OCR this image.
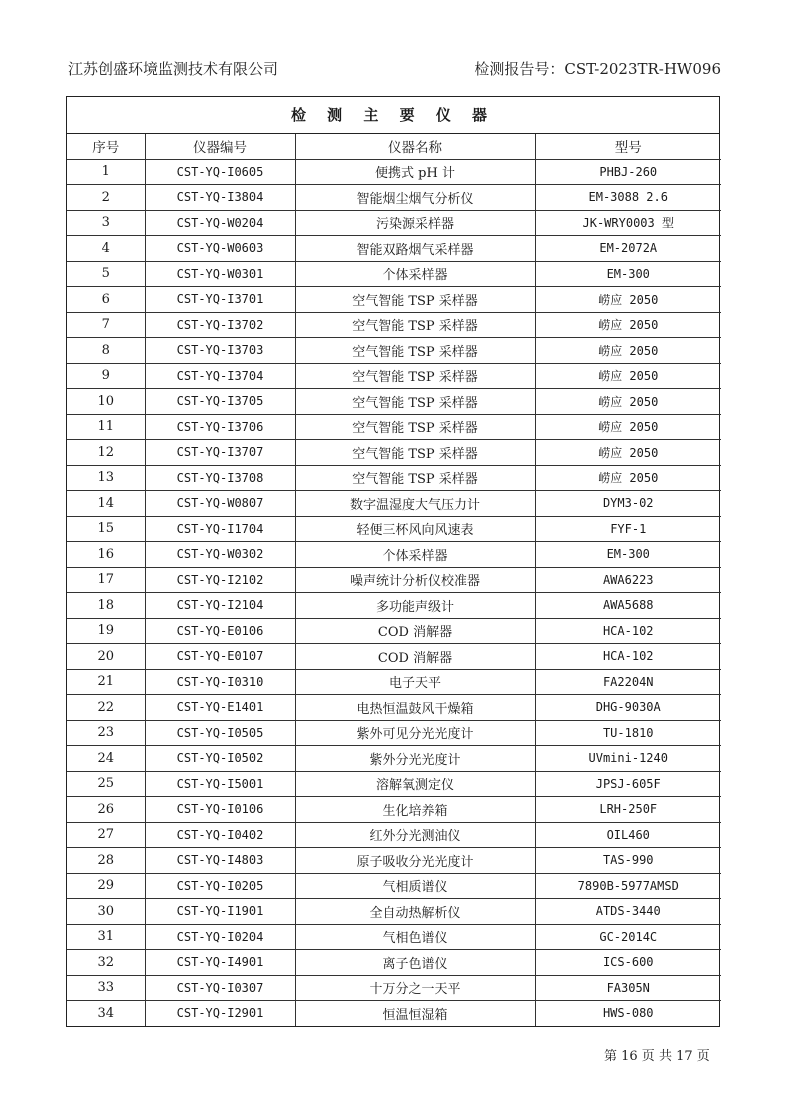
江苏创盛环境监测技术有限公司	检测报告号：CST-2023TR-HW096
检 测 主 要 仪 器
序号	仪器编号	仪器名称	型号
1	CST-YQ-I0605	便携式 pH 计	PHBJ-260
2	CST-YQ-I3804	智能烟尘烟气分析仪	EM-3088 2.6
3	CST-YQ-W0204	污染源采样器	JK-WRY0003 型
4	CST-YQ-W0603	智能双路烟气采样器	EM-2072A
5	CST-YQ-W0301	个体采样器	EM-300
6	CST-YQ-I3701	空气智能 TSP 采样器	崂应 2050
7	CST-YQ-I3702	空气智能 TSP 采样器	崂应 2050
8	CST-YQ-I3703	空气智能 TSP 采样器	崂应 2050
9	CST-YQ-I3704	空气智能 TSP 采样器	崂应 2050
10	CST-YQ-I3705	空气智能 TSP 采样器	崂应 2050
11	CST-YQ-I3706	空气智能 TSP 采样器	崂应 2050
12	CST-YQ-I3707	空气智能 TSP 采样器	崂应 2050
13	CST-YQ-I3708	空气智能 TSP 采样器	崂应 2050
14	CST-YQ-W0807	数字温湿度大气压力计	DYM3-02
15	CST-YQ-I1704	轻便三杯风向风速表	FYF-1
16	CST-YQ-W0302	个体采样器	EM-300
17	CST-YQ-I2102	噪声统计分析仪校准器	AWA6223
18	CST-YQ-I2104	多功能声级计	AWA5688
19	CST-YQ-E0106	COD 消解器	HCA-102
20	CST-YQ-E0107	COD 消解器	HCA-102
21	CST-YQ-I0310	电子天平	FA2204N
22	CST-YQ-E1401	电热恒温鼓风干燥箱	DHG-9030A
23	CST-YQ-I0505	紫外可见分光光度计	TU-1810
24	CST-YQ-I0502	紫外分光光度计	UVmini-1240
25	CST-YQ-I5001	溶解氧测定仪	JPSJ-605F
26	CST-YQ-I0106	生化培养箱	LRH-250F
27	CST-YQ-I0402	红外分光测油仪	OIL460
28	CST-YQ-I4803	原子吸收分光光度计	TAS-990
29	CST-YQ-I0205	气相质谱仪	7890B-5977AMSD
30	CST-YQ-I1901	全自动热解析仪	ATDS-3440
31	CST-YQ-I0204	气相色谱仪	GC-2014C
32	CST-YQ-I4901	离子色谱仪	ICS-600
33	CST-YQ-I0307	十万分之一天平	FA305N
34	CST-YQ-I2901	恒温恒湿箱	HWS-080
第 16 页 共 17 页
